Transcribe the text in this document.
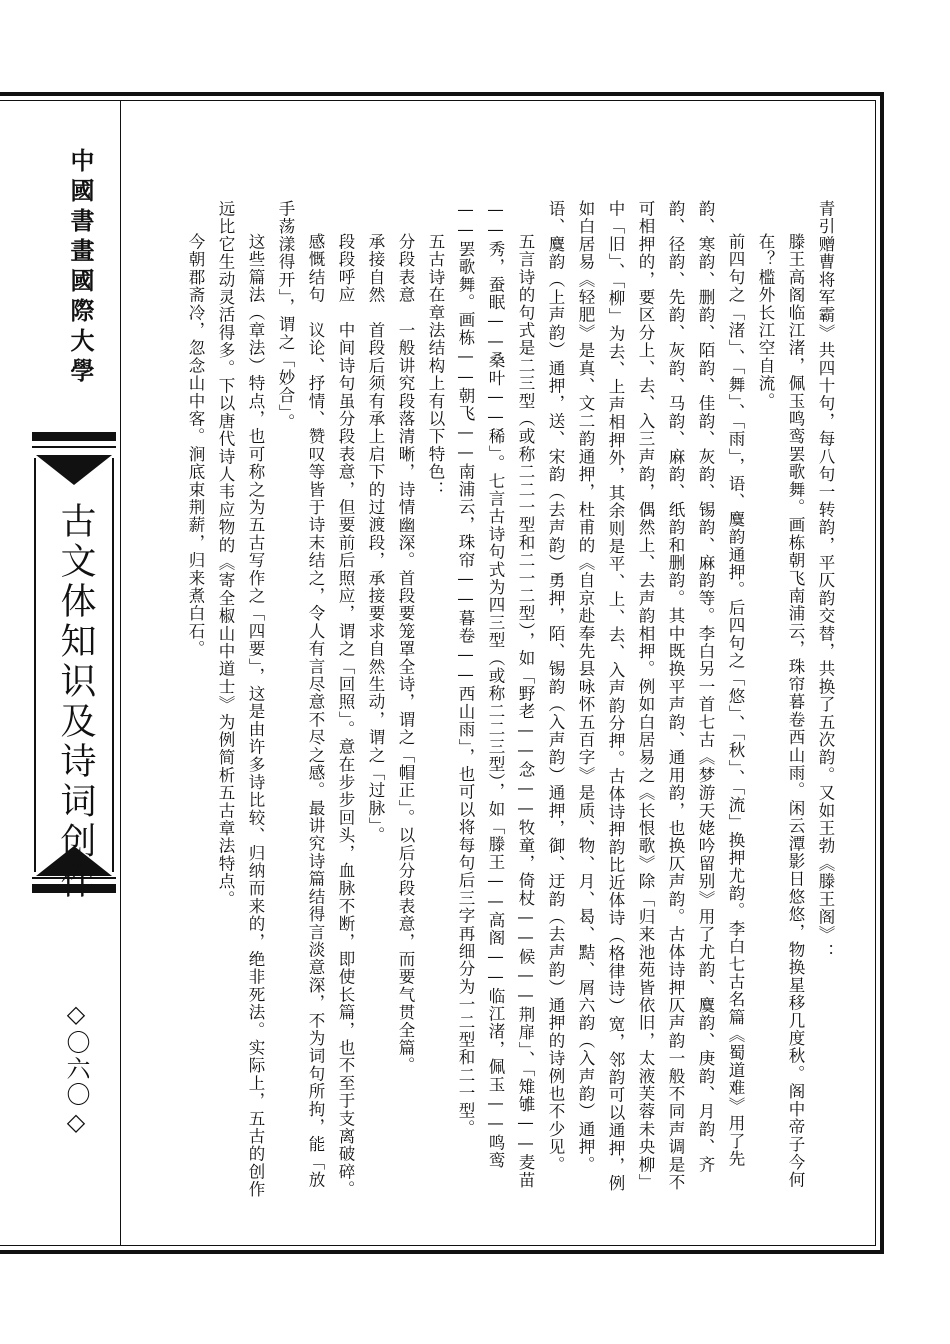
中國書畫國際大學
古文体知识及诗词创作
◇〇六〇◇

青引赠曹将军霸》共四十句，每八句一转韵，平仄韵交替，共换了五次韵。又如王勃《滕王阁》：

滕王高阁临江渚，佩玉鸣鸾罢歌舞。画栋朝飞南浦云，珠帘暮卷西山雨。闲云潭影日悠悠，物换星移几度秋。阁中帝子今何在？槛外长江空自流。

前四句之「渚」、「舞」、「雨」，语、麌韵通押。后四句之「悠」、「秋」、「流」换押尤韵。李白七古名篇《蜀道难》用了先韵、寒韵、删韵、陌韵、佳韵、灰韵、锡韵、麻韵等。李白另一首七古《梦游天姥吟留别》用了尤韵、麌韵、庚韵、月韵、齐韵、径韵、先韵、灰韵、马韵、麻韵、纸韵和删韵。其中既换平声韵、通用韵，也换仄声韵。古体诗押仄声韵一般不同声调是不可相押的，要区分上、去、入三声韵，偶然上、去声韵相押。例如白居易之《长恨歌》除「归来池苑皆依旧，太液芙蓉未央柳」中「旧」、「柳」为去、上声相押外，其余则是平、上、去、入声韵分押。古体诗押韵比近体诗（格律诗）宽，邻韵可以通押，例如白居易《轻肥》是真、文二韵通押，杜甫的《自京赴奉先县咏怀五百字》是质、物、月、曷、黠、屑六韵（入声韵）通押。语、麌韵（上声韵）通押，送、宋韵（去声韵）勇押，陌、锡韵（入声韵）通押，御、迂韵（去声韵）通押的诗例也不少见。

五言诗的句式是二三型（或称二二一型和二一二型），如「野老——念——牧童，倚杖——候——荆扉」、「雉雊——麦苗——秀，蚕眠——桑叶——稀」。七言古诗句式为四三型（或称二二三型），如「滕王——高阁——临江渚，佩玉——鸣鸾——罢歌舞。画栋——朝飞——南浦云，珠帘——暮卷——西山雨」，也可以将每句后三字再细分为一二型和二一型。

五古诗在章法结构上有以下特色：

分段表意　一般讲究段落清晰，诗情幽深。首段要笼罩全诗，谓之「帽正」。以后分段表意，而要气贯全篇。

承接自然　首段后须有承上启下的过渡段，承接要求自然生动，谓之「过脉」。

段段呼应　中间诗句虽分段表意，但要前后照应，谓之「回照」。意在步步回头，血脉不断，即使长篇，也不至于支离破碎。

感慨结句　议论、抒情、赞叹等皆于诗末结之，令人有言尽意不尽之感。最讲究诗篇结得言淡意深，不为词句所拘，能「放手荡漾得开」，谓之「妙合」。

这些篇法（章法）特点，也可称之为五古写作之「四要」，这是由许多诗比较、归纳而来的，绝非死法。实际上，五古的创作远比它生动灵活得多。下以唐代诗人韦应物的《寄全椒山中道士》为例简析五古章法特点。

今朝郡斋冷，忽念山中客。涧底束荆薪，归来煮白石。
